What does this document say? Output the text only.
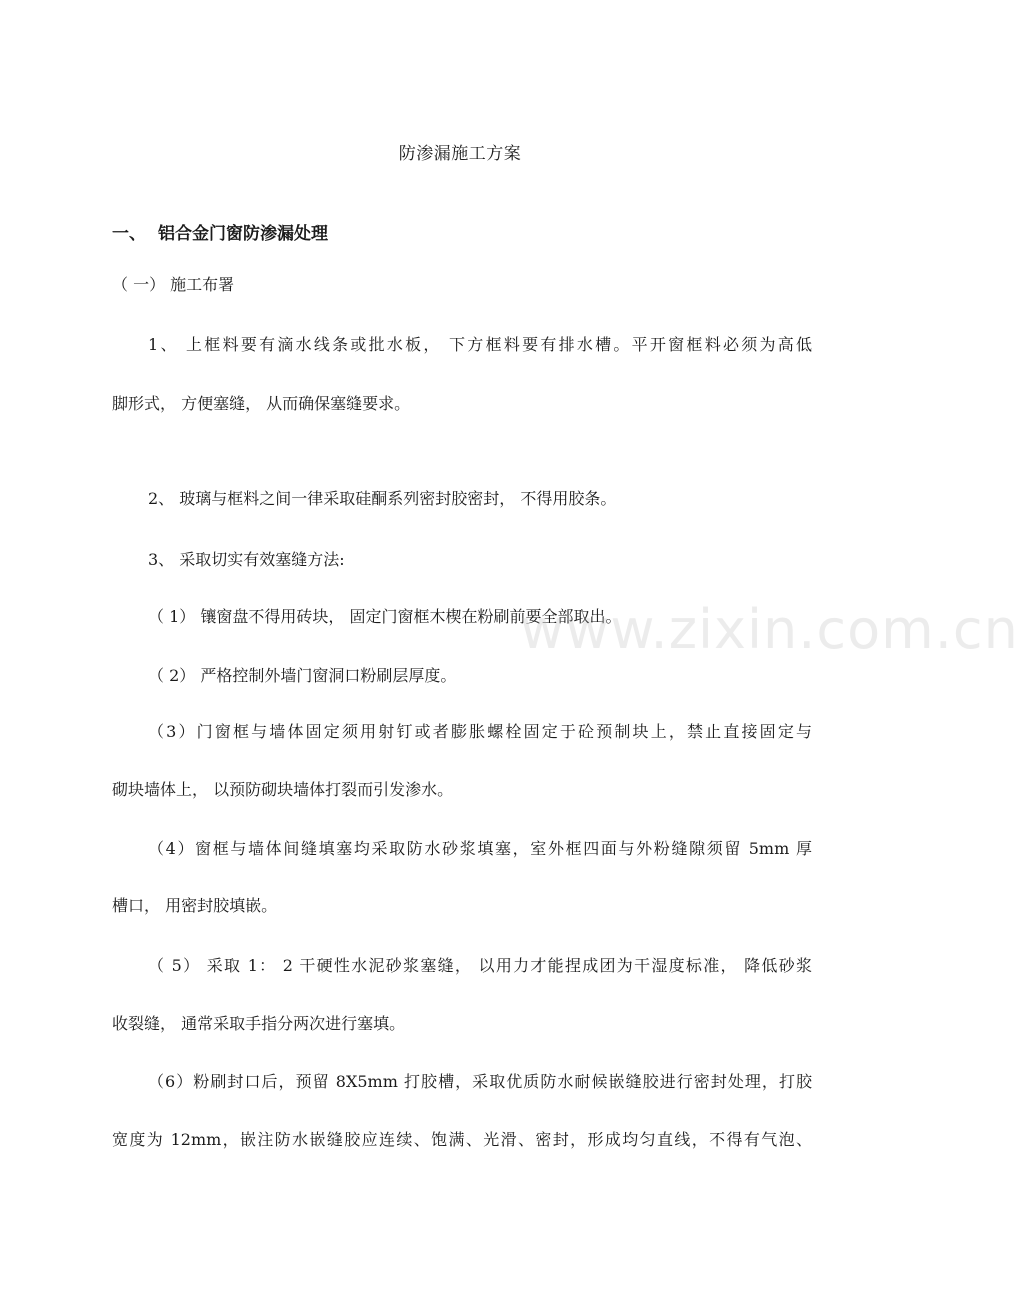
防渗漏施工方案
一、 铝合金门窗防渗漏处理
（ 一） 施工布署
1、 上框料要有滴水线条或批水板， 下方框料要有排水槽。平开窗框料必须为高低
脚形式， 方便塞缝， 从而确保塞缝要求。
2、 玻璃与框料之间一律采取硅酮系列密封胶密封， 不得用胶条。
3、 采取切实有效塞缝方法:
（ 1） 镶窗盘不得用砖块， 固定门窗框木楔在粉刷前要全部取出。
（ 2） 严格控制外墙门窗洞口粉刷层厚度。
（3）门窗框与墙体固定须用射钉或者膨胀螺栓固定于砼预制块上，禁止直接固定与
砌块墙体上， 以预防砌块墙体打裂而引发渗水。
（4）窗框与墙体间缝填塞均采取防水砂浆填塞，室外框四面与外粉缝隙须留 5mm 厚
槽口， 用密封胶填嵌。
（ 5） 采取 1： 2 干硬性水泥砂浆塞缝， 以用力才能捏成团为干湿度标准， 降低砂浆
收裂缝， 通常采取手指分两次进行塞填。
（6）粉刷封口后，预留 8X5mm 打胶槽，采取优质防水耐候嵌缝胶进行密封处理，打胶
宽度为 12mm，嵌注防水嵌缝胶应连续、饱满、光滑、密封，形成均匀直线，不得有气泡、
www.zixin.com.cn
